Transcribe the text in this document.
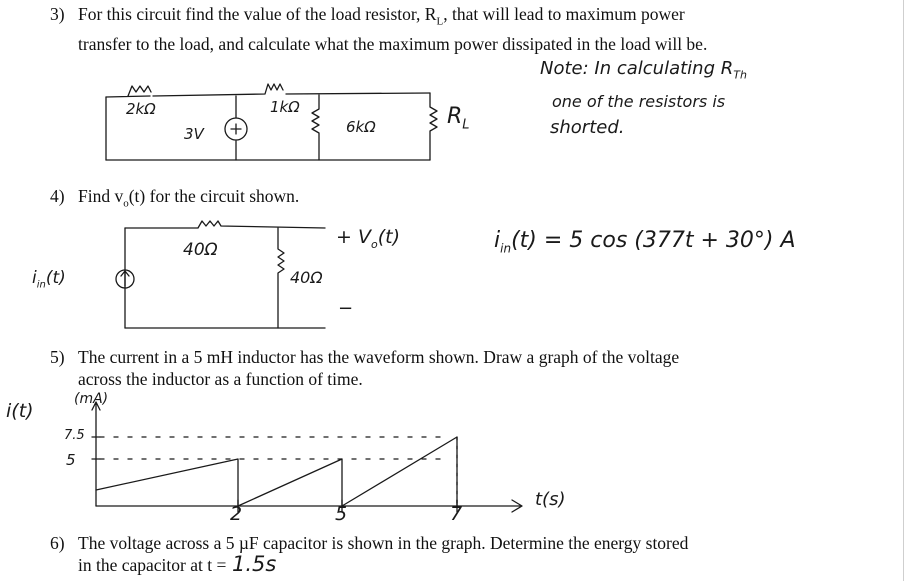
3) For this circuit find the value of the load resistor, $R_L$, that will lead to maximum power
transfer to the load, and calculate what the maximum power dissipated in the load will be.
4) Find $v_o(t)$ for the circuit shown.
5) The current in a 5 mH inductor has the waveform shown. Draw a graph of the voltage
across the inductor as a function of time.
6) The voltage across a 5 µF capacitor is shown in the graph. Determine the energy stored
in the capacitor at t =
Note: In calculating $R_{Th}$
one of the resistors is
shorted.
2kΩ
3V
1kΩ
6kΩ	$R_L$
$i_{in}(t)$
40Ω
40Ω
+ $V_o(t)$
−
$i_{in}(t) = 5$ cos (377t + 30°) A
i(t)
(mA)
7.5
5
t(s)
2	5	7
1.5s
